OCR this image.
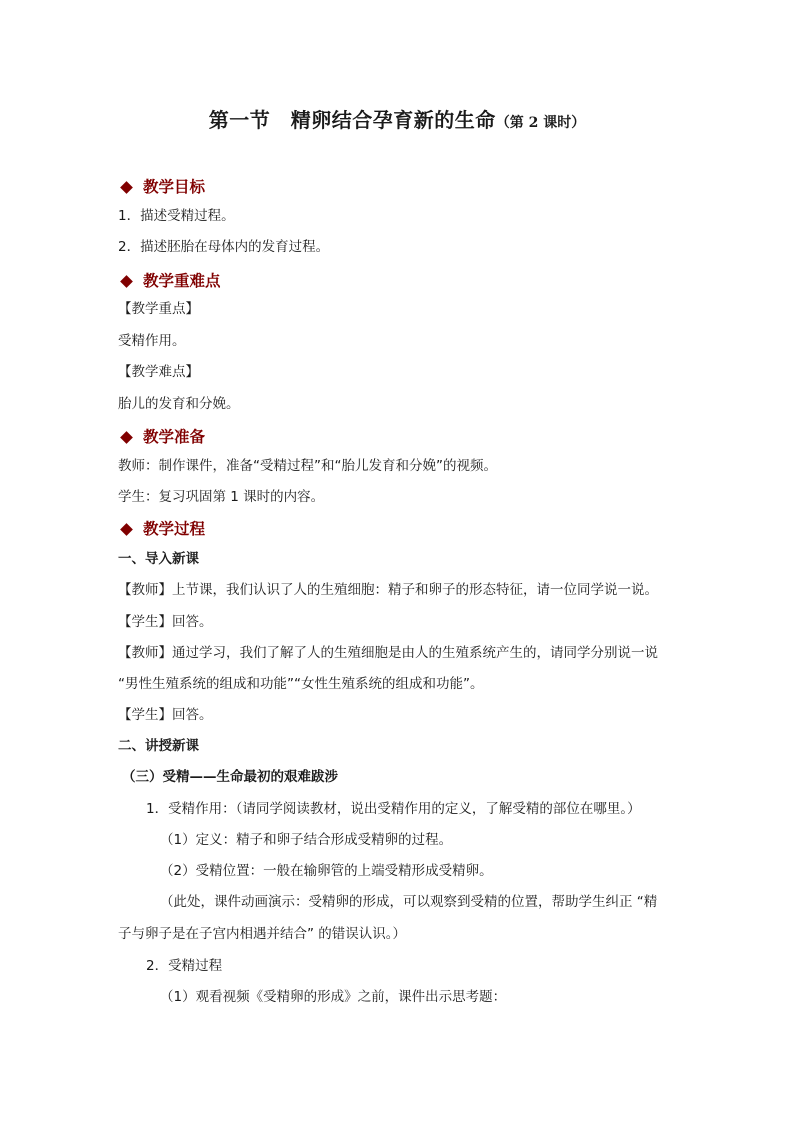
第一节　精卵结合孕育新的生命（第 2 课时）
教学目标
1．描述受精过程。
2．描述胚胎在母体内的发育过程。
教学重难点
【教学重点】
受精作用。
【教学难点】
胎儿的发育和分娩。
教学准备
教师：制作课件，准备“受精过程”和“胎儿发育和分娩”的视频。
学生：复习巩固第 1 课时的内容。
教学过程
一、导入新课
【教师】上节课，我们认识了人的生殖细胞：精子和卵子的形态特征，请一位同学说一说。
【学生】回答。
【教师】通过学习，我们了解了人的生殖细胞是由人的生殖系统产生的，请同学分别说一说
“男性生殖系统的组成和功能”“女性生殖系统的组成和功能”。
【学生】回答。
二、讲授新课
（三）受精——生命最初的艰难跋涉
1．受精作用：（请同学阅读教材，说出受精作用的定义，了解受精的部位在哪里。）
（1）定义：精子和卵子结合形成受精卵的过程。
（2）受精位置：一般在输卵管的上端受精形成受精卵。
（此处，课件动画演示：受精卵的形成，可以观察到受精的位置，帮助学生纠正 “精
子与卵子是在子宫内相遇并结合” 的错误认识。）
2．受精过程
（1）观看视频《受精卵的形成》之前，课件出示思考题：
